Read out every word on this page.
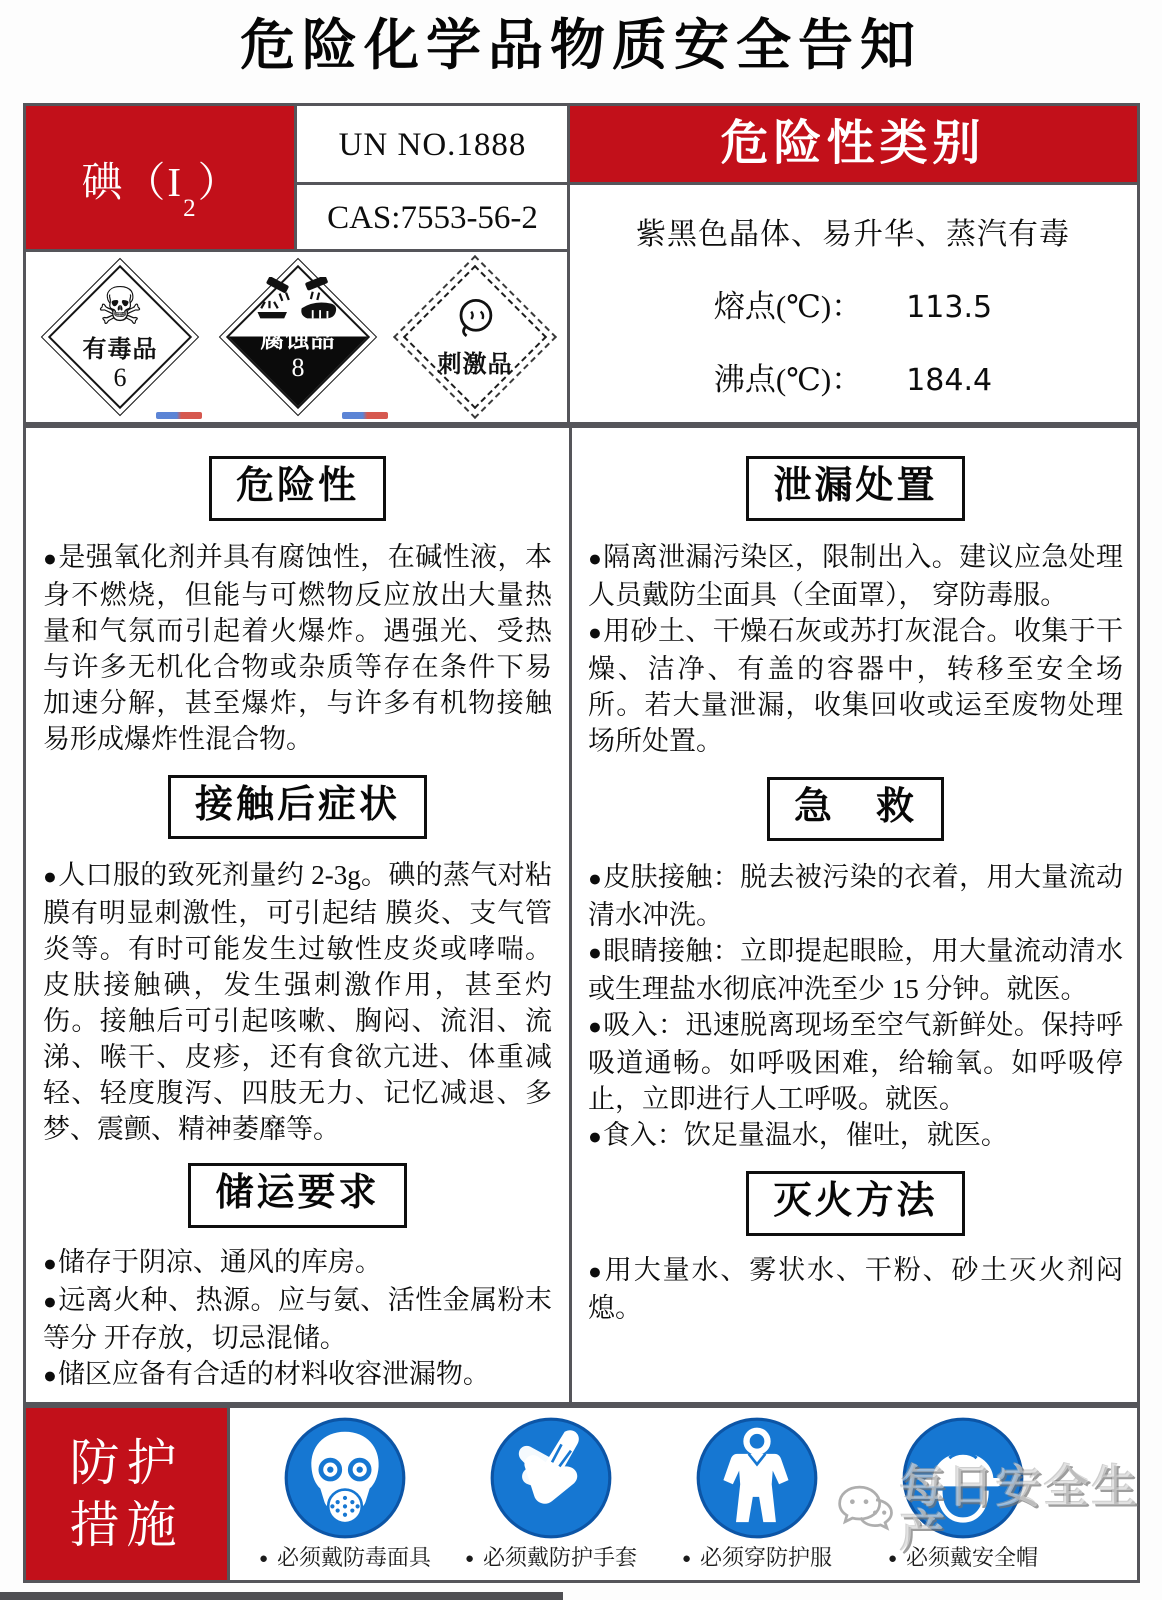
危险化学品物质安全告知
碘（I
2
）
UN NO.1888
CAS:7553-56-2
危险性类别
紫黑色晶体、易升华、蒸汽有毒
熔点(℃)： 113.5
沸点(℃)： 184.4
☠
有毒品
6
腐蚀品
8	刺激品
危险性

●是强氧化剂并具有腐蚀性，在碱性液，本身不燃烧，但能与可燃物反应放出大量热量和气氛而引起着火爆炸。遇强光、受热与许多无机化合物或杂质等存在条件下易加速分解，甚至爆炸，与许多有机物接触易形成爆炸性混合物。

接触后症状

●人口服的致死剂量约 2-3g。碘的蒸气对粘膜有明显刺激性，可引起结 膜炎、支气管炎等。有时可能发生过敏性皮炎或哮喘。皮肤接触碘，发生强刺激作用，甚至灼伤。接触后可引起咳嗽、胸闷、流泪、流涕、喉干、皮疹，还有食欲亢进、体重减轻、轻度腹泻、四肢无力、记忆减退、多梦、震颤、精神萎靡等。

储运要求

●储存于阴凉、通风的库房。

●远离火种、热源。应与氨、活性金属粉末等分 开存放，切忌混储。

●储区应备有合适的材料收容泄漏物。

泄漏处置

●隔离泄漏污染区，限制出入。建议应急处理人员戴防尘面具（全面罩）， 穿防毒服。

●用砂土、干燥石灰或苏打灰混合。收集于干燥、洁净、有盖的容器中，转移至安全场所。若大量泄漏，收集回收或运至废物处理场所处置。

急　救

●皮肤接触：脱去被污染的衣着，用大量流动清水冲洗。

●眼睛接触：立即提起眼睑，用大量流动清水或生理盐水彻底冲洗至少 15 分钟。就医。

●吸入：迅速脱离现场至空气新鲜处。保持呼吸道通畅。如呼吸困难，给输氧。如呼吸停止，立即进行人工呼吸。就医。

●食入：饮足量温水，催吐，就医。

灭火方法

●用大量水、雾状水、干粉、砂土灭火剂闷熄。

防护
措施
● 必须戴防毒面具 ● 必须戴防护手套	● 必须穿防护服	● 必须戴安全帽
每日安全生产
